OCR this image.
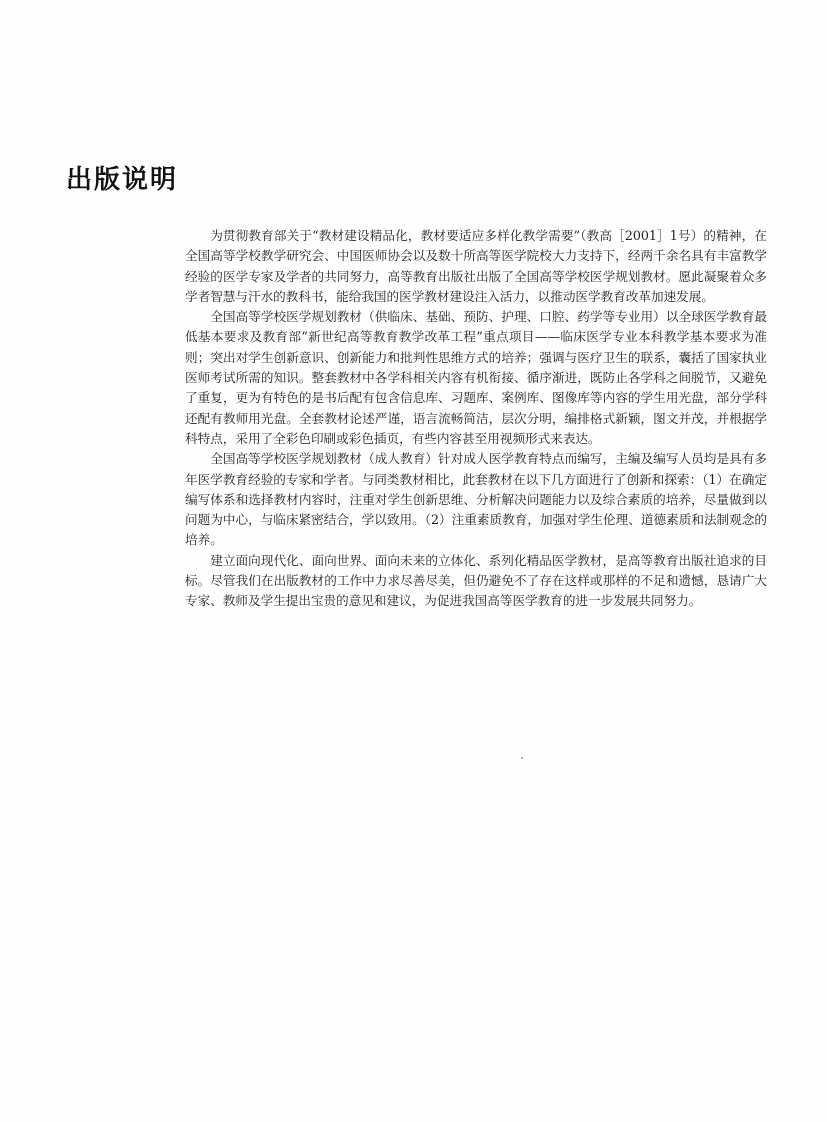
出版说明

为贯彻教育部关于“教材建设精品化，教材要适应多样化教学需要”（教高［2001］1号）的精神，在全国高等学校教学研究会、中国医师协会以及数十所高等医学院校大力支持下，经两千余名具有丰富教学经验的医学专家及学者的共同努力，高等教育出版社出版了全国高等学校医学规划教材。愿此凝聚着众多学者智慧与汗水的教科书，能给我国的医学教材建设注入活力，以推动医学教育改革加速发展。

全国高等学校医学规划教材（供临床、基础、预防、护理、口腔、药学等专业用）以全球医学教育最低基本要求及教育部“新世纪高等教育教学改革工程”重点项目——临床医学专业本科教学基本要求为准则；突出对学生创新意识、创新能力和批判性思维方式的培养；强调与医疗卫生的联系，囊括了国家执业医师考试所需的知识。整套教材中各学科相关内容有机衔接、循序渐进，既防止各学科之间脱节，又避免了重复，更为有特色的是书后配有包含信息库、习题库、案例库、图像库等内容的学生用光盘，部分学科还配有教师用光盘。全套教材论述严谨，语言流畅简洁，层次分明，编排格式新颖，图文并茂，并根据学科特点，采用了全彩色印刷或彩色插页，有些内容甚至用视频形式来表达。

全国高等学校医学规划教材（成人教育）针对成人医学教育特点而编写，主编及编写人员均是具有多年医学教育经验的专家和学者。与同类教材相比，此套教材在以下几方面进行了创新和探索：（1）在确定编写体系和选择教材内容时，注重对学生创新思维、分析解决问题能力以及综合素质的培养，尽量做到以问题为中心，与临床紧密结合，学以致用。（2）注重素质教育，加强对学生伦理、道德素质和法制观念的培养。

建立面向现代化、面向世界、面向未来的立体化、系列化精品医学教材，是高等教育出版社追求的目标。尽管我们在出版教材的工作中力求尽善尽美，但仍避免不了存在这样或那样的不足和遗憾，恳请广大专家、教师及学生提出宝贵的意见和建议，为促进我国高等医学教育的进一步发展共同努力。
